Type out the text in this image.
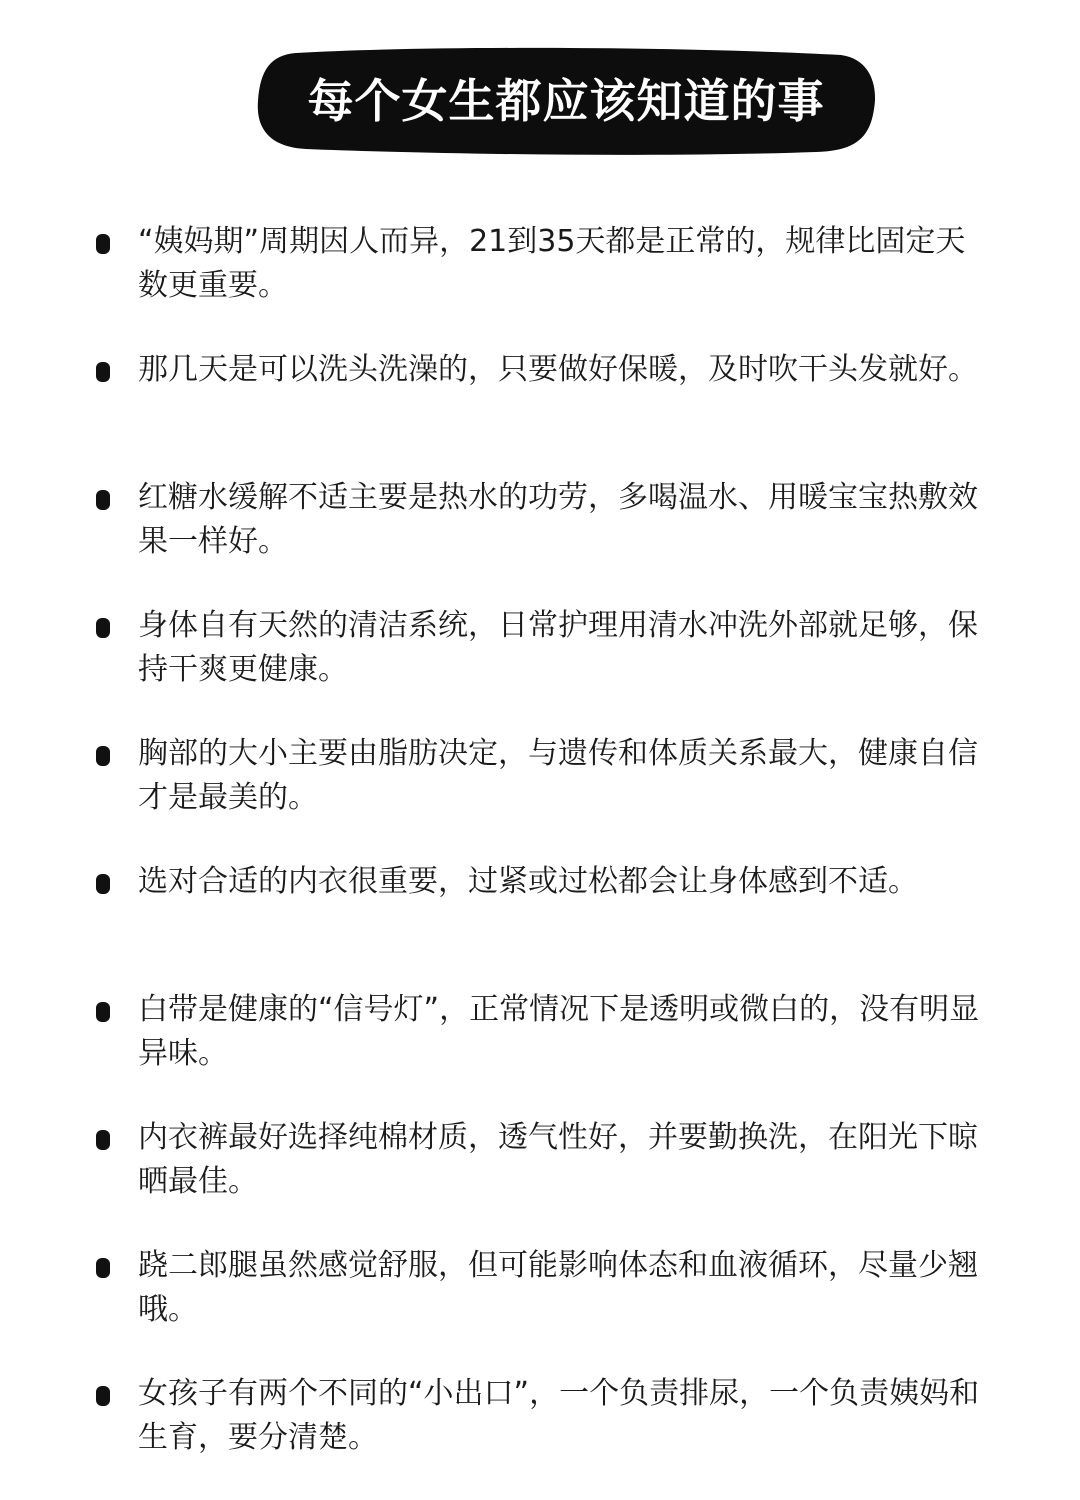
每个女生都应该知道的事

“姨妈期”周期因人而异，21到35天都是正常的，规律比固定天数更重要。

那几天是可以洗头洗澡的，只要做好保暖，及时吹干头发就好。

红糖水缓解不适主要是热水的功劳，多喝温水、用暖宝宝热敷效果一样好。

身体自有天然的清洁系统，日常护理用清水冲洗外部就足够，保持干爽更健康。

胸部的大小主要由脂肪决定，与遗传和体质关系最大，健康自信才是最美的。

选对合适的内衣很重要，过紧或过松都会让身体感到不适。

白带是健康的“信号灯”，正常情况下是透明或微白的，没有明显异味。

内衣裤最好选择纯棉材质，透气性好，并要勤换洗，在阳光下晾晒最佳。

跷二郎腿虽然感觉舒服，但可能影响体态和血液循环，尽量少翘哦。

女孩子有两个不同的“小出口”，一个负责排尿，一个负责姨妈和生育，要分清楚。
